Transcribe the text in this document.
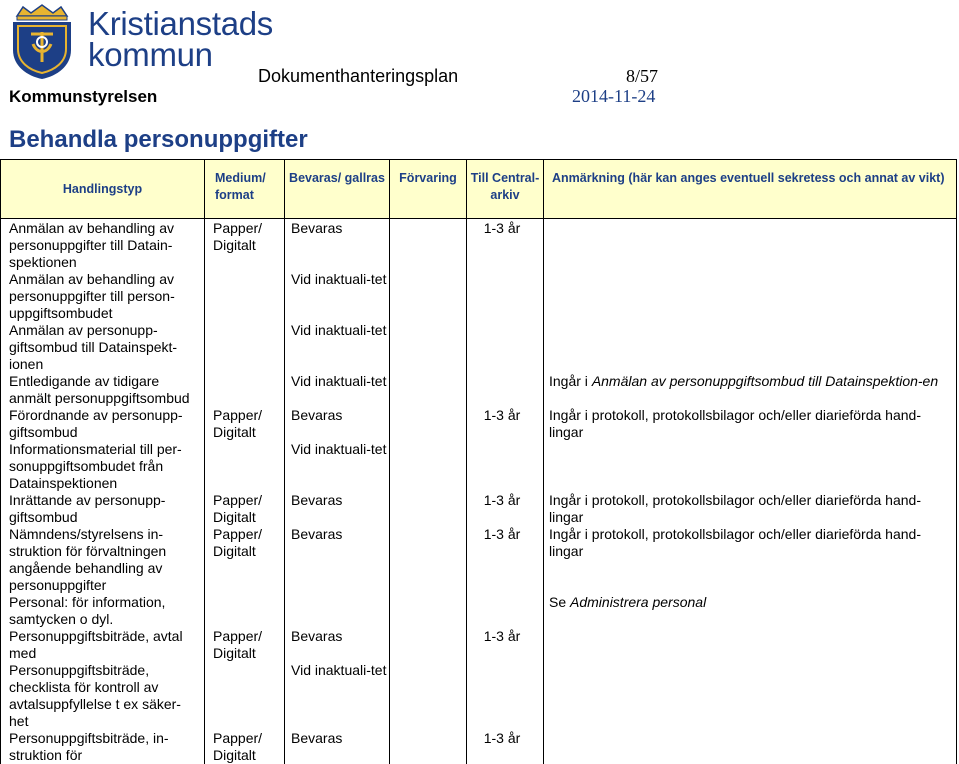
Kristianstads
kommun
Dokumenthanteringsplan	8/57
Kommunstyrelsen	2014-11-24
Behandla personuppgifter
Handlingstyp	Medium/ format	Bevaras/ gallras	Förvaring	Till Central-arkiv	Anmärkning (här kan anges eventuell sekretess och annat av vikt)
Anmälan av behandling av personuppgifter till Datain-spektionen	Papper/ Digitalt	Bevaras		1-3 år	
Anmälan av behandling av personuppgifter till person-uppgiftsombudet		Vid inaktuali-tet			
Anmälan av personupp-giftsombud till Datainspekt-ionen		Vid inaktuali-tet			
Entledigande av tidigare anmält personuppgiftsombud		Vid inaktuali-tet			Ingår i Anmälan av personuppgiftsombud till Datainspektion-en
Förordnande av personupp-giftsombud	Papper/ Digitalt	Bevaras		1-3 år	Ingår i protokoll, protokollsbilagor och/eller diarieförda hand-lingar
Informationsmaterial till per-sonuppgiftsombudet från Datainspektionen		Vid inaktuali-tet			
Inrättande av personupp-giftsombud	Papper/ Digitalt	Bevaras		1-3 år	Ingår i protokoll, protokollsbilagor och/eller diarieförda hand-lingar
Nämndens/styrelsens in-struktion för förvaltningen angående behandling av personuppgifter	Papper/ Digitalt	Bevaras		1-3 år	Ingår i protokoll, protokollsbilagor och/eller diarieförda hand-lingar
Personal: för information, samtycken o dyl.					Se Administrera personal
Personuppgiftsbiträde, avtal med	Papper/ Digitalt	Bevaras		1-3 år	
Personuppgiftsbiträde, checklista för kontroll av avtalsuppfyllelse t ex säker-het		Vid inaktuali-tet			
Personuppgiftsbiträde, in-struktion för	Papper/ Digitalt	Bevaras		1-3 år	
